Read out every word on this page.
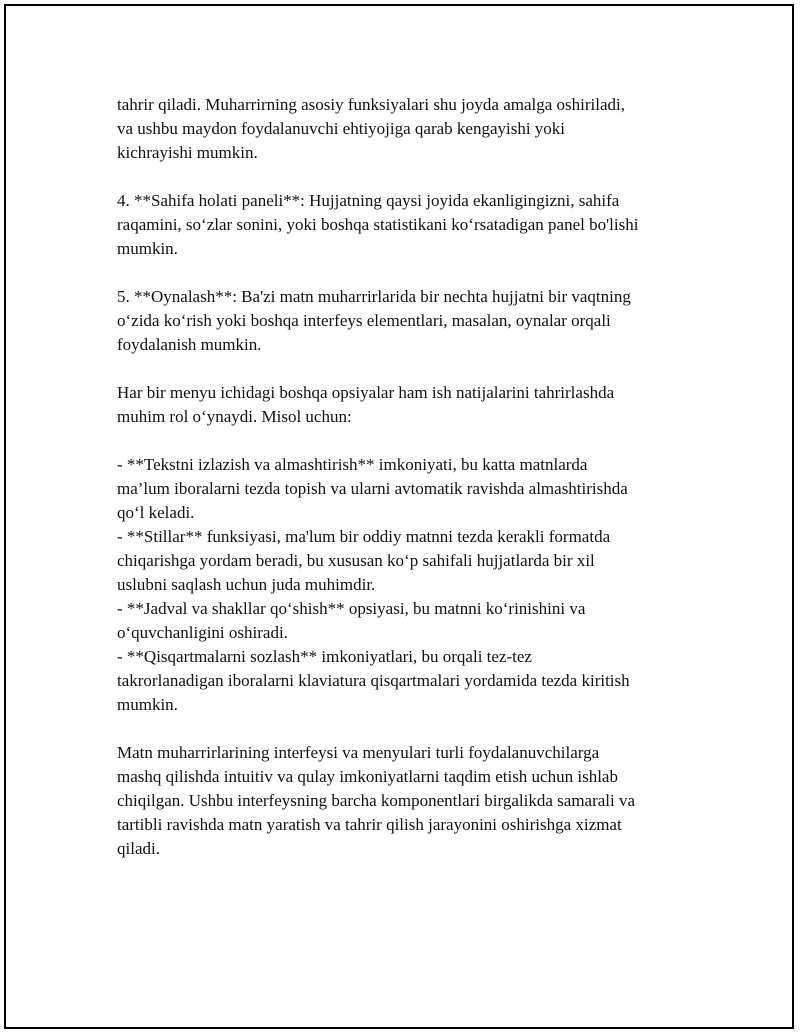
tahrir qiladi. Muharrirning asosiy funksiyalari shu joyda amalga oshiriladi,
va ushbu maydon foydalanuvchi ehtiyojiga qarab kengayishi yoki
kichrayishi mumkin.

4. **Sahifa holati paneli**: Hujjatning qaysi joyida ekanligingizni, sahifa
raqamini, so‘zlar sonini, yoki boshqa statistikani ko‘rsatadigan panel bo'lishi
mumkin.

5. **Oynalash**: Ba'zi matn muharrirlarida bir nechta hujjatni bir vaqtning
o‘zida ko‘rish yoki boshqa interfeys elementlari, masalan, oynalar orqali
foydalanish mumkin.

Har bir menyu ichidagi boshqa opsiyalar ham ish natijalarini tahrirlashda
muhim rol o‘ynaydi. Misol uchun:

- **Tekstni izlazish va almashtirish** imkoniyati, bu katta matnlarda
ma’lum iboralarni tezda topish va ularni avtomatik ravishda almashtirishda
qo‘l keladi.
- **Stillar** funksiyasi, ma'lum bir oddiy matnni tezda kerakli formatda
chiqarishga yordam beradi, bu xususan ko‘p sahifali hujjatlarda bir xil
uslubni saqlash uchun juda muhimdir.
- **Jadval va shakllar qo‘shish** opsiyasi, bu matnni ko‘rinishini va
o‘quvchanligini oshiradi.
- **Qisqartmalarni sozlash** imkoniyatlari, bu orqali tez-tez
takrorlanadigan iboralarni klaviatura qisqartmalari yordamida tezda kiritish
mumkin.

Matn muharrirlarining interfeysi va menyulari turli foydalanuvchilarga
mashq qilishda intuitiv va qulay imkoniyatlarni taqdim etish uchun ishlab
chiqilgan. Ushbu interfeysning barcha komponentlari birgalikda samarali va
tartibli ravishda matn yaratish va tahrir qilish jarayonini oshirishga xizmat
qiladi.
